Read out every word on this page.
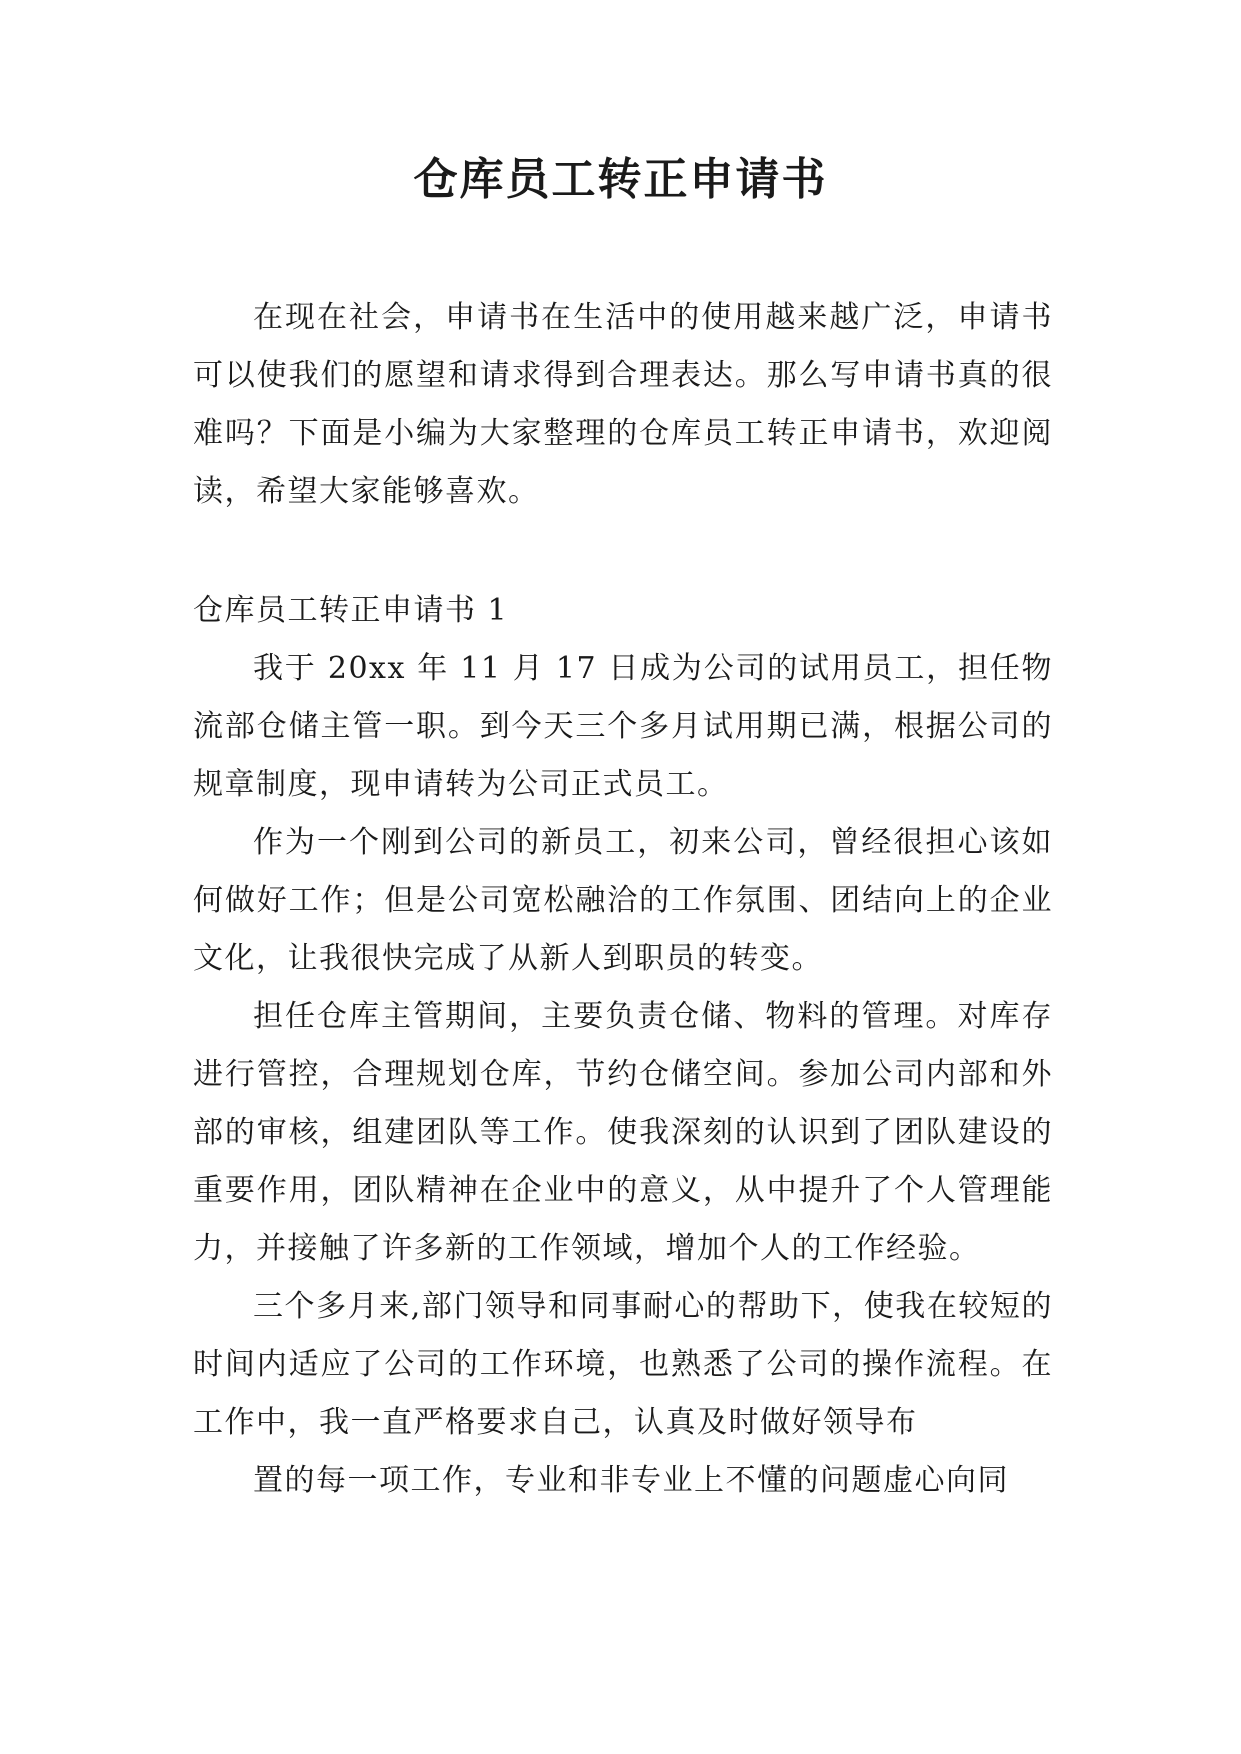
仓库员工转正申请书

在现在社会，申请书在生活中的使用越来越广泛，申请书可以使我们的愿望和请求得到合理表达。那么写申请书真的很难吗？下面是小编为大家整理的仓库员工转正申请书，欢迎阅读，希望大家能够喜欢。

仓库员工转正申请书 1

我于 20xx 年 11 月 17 日成为公司的试用员工，担任物流部仓储主管一职。到今天三个多月试用期已满，根据公司的规章制度，现申请转为公司正式员工。

作为一个刚到公司的新员工，初来公司，曾经很担心该如何做好工作；但是公司宽松融洽的工作氛围、团结向上的企业文化，让我很快完成了从新人到职员的转变。

担任仓库主管期间，主要负责仓储、物料的管理。对库存进行管控，合理规划仓库，节约仓储空间。参加公司内部和外部的审核，组建团队等工作。使我深刻的认识到了团队建设的重要作用，团队精神在企业中的意义，从中提升了个人管理能力，并接触了许多新的工作领域，增加个人的工作经验。

三个多月来,部门领导和同事耐心的帮助下，使我在较短的时间内适应了公司的工作环境，也熟悉了公司的操作流程。在工作中，我一直严格要求自己，认真及时做好领导布

置的每一项工作，专业和非专业上不懂的问题虚心向同
